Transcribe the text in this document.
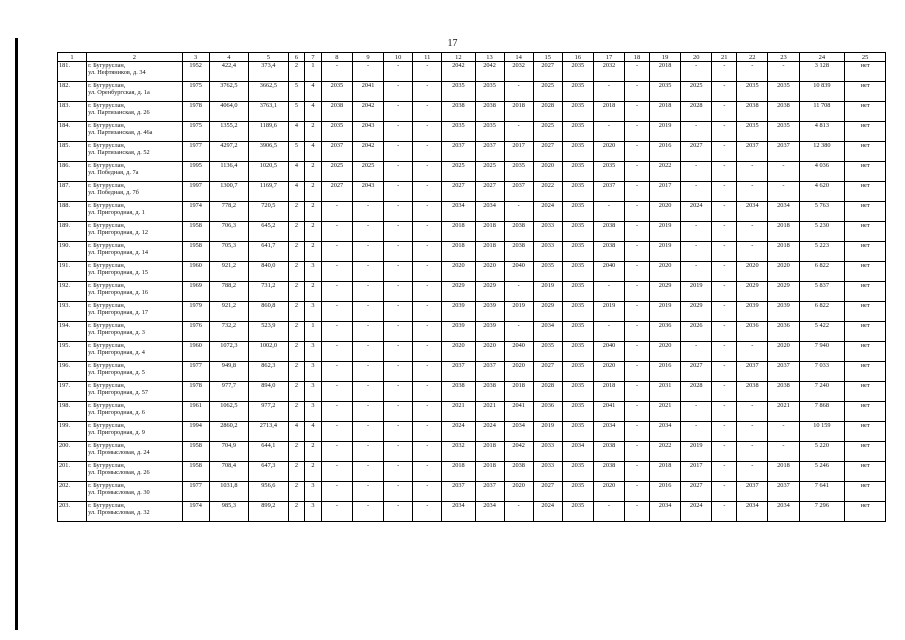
17
1	2	3	4	5	6	7	8	9	10	11	12	13	14	15	16	17	18	19	20	21	22	23	24	25
181.	г. Бугуруслан,
ул. Нефтяников, д. 34	1952	422,4	373,4	2	1	-	-	-	-	2042	2042	2032	2027	2035	2032	-	2018	-	-	-	-	3 128	нет
182.	г. Бугуруслан,
ул. Оренбургская, д. 1а	1975	3762,5	3662,5	5	4	2035	2041	-	-	2035	2035	-	2025	2035	-	-	2035	2025	-	2035	2035	10 839	нет
183.	г. Бугуруслан,
ул. Партизанская, д. 26	1978	4064,0	3763,1	5	4	2038	2042	-	-	2038	2038	2018	2028	2035	2018	-	2018	2028	-	2038	2038	11 708	нет
184.	г. Бугуруслан,
ул. Партизанская, д. 46а	1975	1355,2	1189,6	4	2	2035	2043	-	-	2035	2035	-	2025	2035	-	-	2019	-	-	2035	2035	4 813	нет
185.	г. Бугуруслан,
ул. Партизанская, д. 52	1977	4297,2	3906,5	5	4	2037	2042	-	-	2037	2037	2017	2027	2035	2020	-	2016	2027	-	2037	2037	12 380	нет
186.	г. Бугуруслан,
ул. Победная, д. 7а	1995	1136,4	1020,5	4	2	2025	2025	-	-	2025	2025	2035	2020	2035	2035	-	2022	-	-	-	-	4 036	нет
187.	г. Бугуруслан,
ул. Победная, д. 7б	1997	1300,7	1169,7	4	2	2027	2043	-	-	2027	2027	2037	2022	2035	2037	-	2017	-	-	-	-	4 620	нет
188.	г. Бугуруслан,
ул. Пригородная, д. 1	1974	778,2	720,5	2	2	-	-	-	-	2034	2034	-	2024	2035	-	-	2020	2024	-	2034	2034	5 763	нет
189.	г. Бугуруслан,
ул. Пригородная, д. 12	1958	706,3	645,2	2	2	-	-	-	-	2018	2018	2038	2033	2035	2038	-	2019	-	-	-	2018	5 230	нет
190.	г. Бугуруслан,
ул. Пригородная, д. 14	1958	705,3	641,7	2	2	-	-	-	-	2018	2018	2038	2033	2035	2038	-	2019	-	-	-	2018	5 223	нет
191.	г. Бугуруслан,
ул. Пригородная, д. 15	1960	921,2	840,0	2	3	-	-	-	-	2020	2020	2040	2035	2035	2040	-	2020	-	-	2020	2020	6 822	нет
192.	г. Бугуруслан,
ул. Пригородная, д. 16	1969	788,2	731,2	2	2	-	-	-	-	2029	2029	-	2019	2035	-	-	2029	2019	-	2029	2029	5 837	нет
193.	г. Бугуруслан,
ул. Пригородная, д. 17	1979	921,2	860,8	2	3	-	-	-	-	2039	2039	2019	2029	2035	2019	-	2019	2029	-	2039	2039	6 822	нет
194.	г. Бугуруслан,
ул. Пригородная, д. 3	1976	732,2	523,9	2	1	-	-	-	-	2039	2039	-	2034	2035	-	-	2036	2026	-	2036	2036	5 422	нет
195.	г. Бугуруслан,
ул. Пригородная, д. 4	1960	1072,3	1002,0	2	3	-	-	-	-	2020	2020	2040	2035	2035	2040	-	2020	-	-	-	2020	7 940	нет
196.	г. Бугуруслан,
ул. Пригородная, д. 5	1977	949,8	862,3	2	3	-	-	-	-	2037	2037	2020	2027	2035	2020	-	2016	2027	-	2037	2037	7 033	нет
197.	г. Бугуруслан,
ул. Пригородная, д. 57	1978	977,7	894,0	2	3	-	-	-	-	2038	2038	2018	2028	2035	2018	-	2031	2028	-	2038	2038	7 240	нет
198.	г. Бугуруслан,
ул. Пригородная, д. 6	1961	1062,5	977,2	2	3	-	-	-	-	2021	2021	2041	2036	2035	2041	-	2021	-	-	-	2021	7 868	нет
199.	г. Бугуруслан,
ул. Пригородная, д. 9	1994	2860,2	2713,4	4	4	-	-	-	-	2024	2024	2034	2019	2035	2034	-	2034	-	-	-	-	10 159	нет
200.	г. Бугуруслан,
ул. Промысловая, д. 24	1958	704,9	644,1	2	2	-	-	-	-	2032	2018	2042	2033	2034	2038	-	2022	2019	-	-	-	5 220	нет
201.	г. Бугуруслан,
ул. Промысловая, д. 26	1958	708,4	647,3	2	2	-	-	-	-	2018	2018	2038	2033	2035	2038	-	2018	2017	-	-	2018	5 246	нет
202.	г. Бугуруслан,
ул. Промысловая, д. 30	1977	1031,8	956,6	2	3	-	-	-	-	2037	2037	2020	2027	2035	2020	-	2016	2027	-	2037	2037	7 641	нет
203.	г. Бугуруслан,
ул. Промысловая, д. 32	1974	985,3	899,2	2	3	-	-	-	-	2034	2034	-	2024	2035	-	-	2034	2024	-	2034	2034	7 296	нет
